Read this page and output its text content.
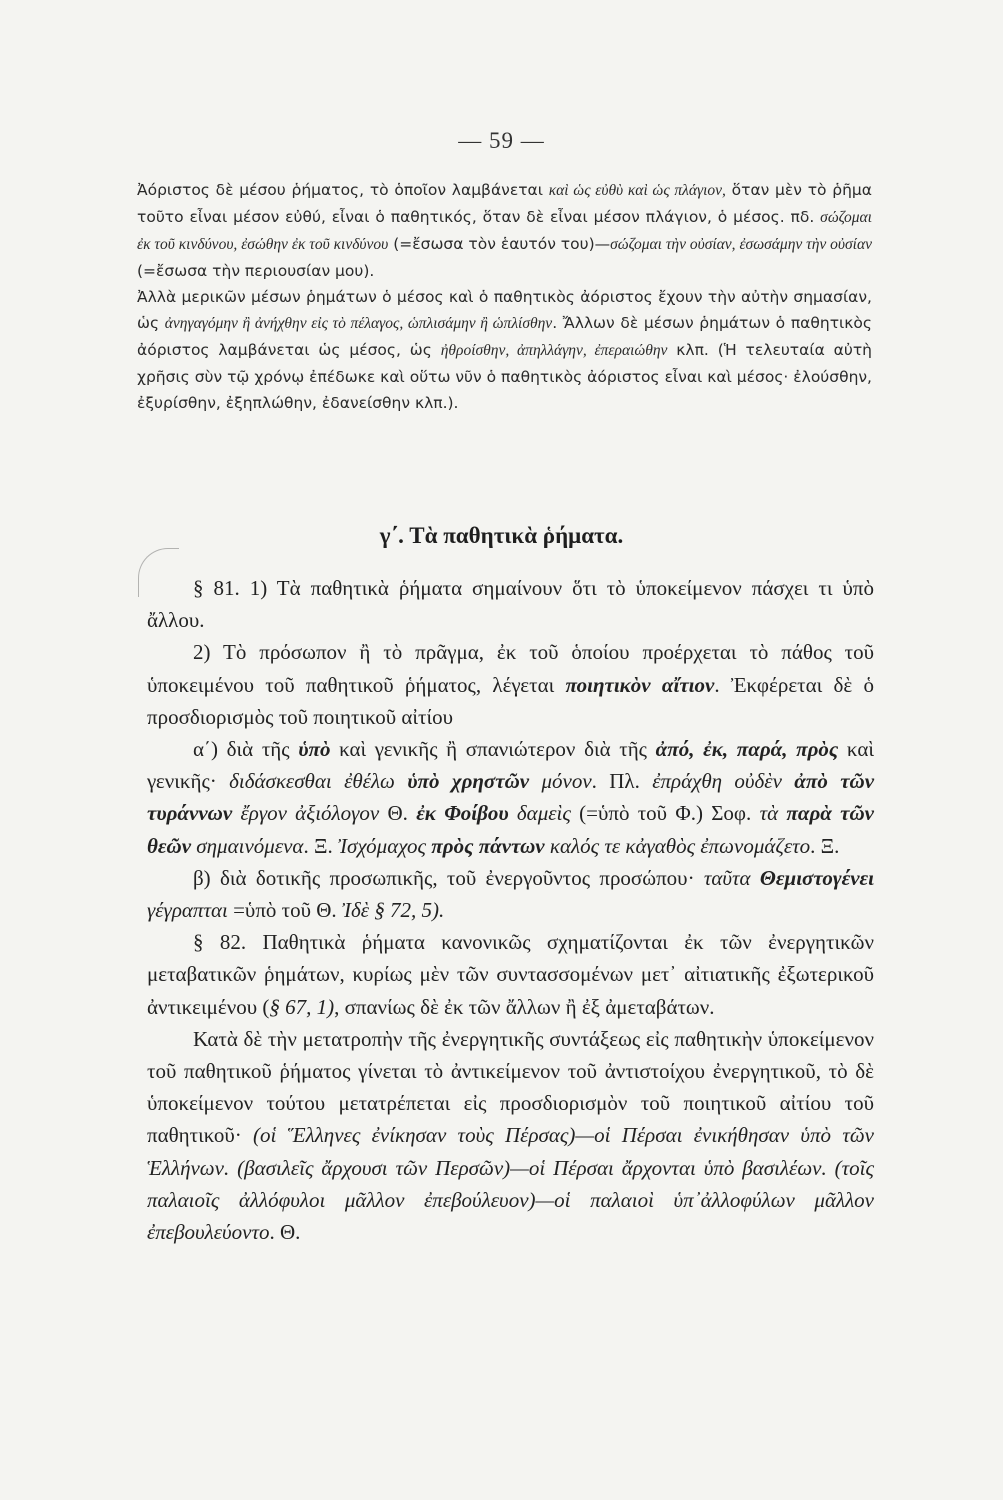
— 59 —

Ἀόριστος δὲ μέσου ῥήματος, τὸ ὁποῖον λαμβάνεται καὶ ὡς εὐθὺ καὶ ὡς πλάγιον, ὅταν μὲν τὸ ῥῆμα τοῦτο εἶναι μέσον εὐθύ, εἶναι ὁ παθητικός, ὅταν δὲ εἶναι μέσον πλάγιον, ὁ μέσος. πδ. σώζομαι ἐκ τοῦ κινδύνου, ἐσώθην ἐκ τοῦ κινδύνου (=ἔσωσα τὸν ἑαυτόν του)—σώζομαι τὴν οὐσίαν, ἐσωσάμην τὴν οὐσίαν (=ἔσωσα τὴν περιουσίαν μου).

Ἀλλὰ μερικῶν μέσων ῥημάτων ὁ μέσος καὶ ὁ παθητικὸς ἀόριστος ἔχουν τὴν αὐτὴν σημασίαν, ὡς ἀνηγαγόμην ἢ ἀνήχθην εἰς τὸ πέλαγος, ὡπλισάμην ἢ ὡπλίσθην. Ἄλλων δὲ μέσων ῥημάτων ὁ παθητικὸς ἀόριστος λαμβάνεται ὡς μέσος, ὡς ἠθροίσθην, ἀπηλλάγην, ἐπεραιώθην κλπ. (Ἡ τελευταία αὐτὴ χρῆσις σὺν τῷ χρόνῳ ἐπέδωκε καὶ οὕτω νῦν ὁ παθητικὸς ἀόριστος εἶναι καὶ μέσος· ἐλούσθην, ἐξυρίσθην, ἐξηπλώθην, ἐδανείσθην κλπ.).

γ΄. Τὰ παθητικὰ ῥήματα.

§ 81. 1) Τὰ παθητικὰ ῥήματα σημαίνουν ὅτι τὸ ὑποκείμενον πάσχει τι ὑπὸ ἄλλου.

2) Τὸ πρόσωπον ἢ τὸ πρᾶγμα, ἐκ τοῦ ὁποίου προέρχεται τὸ πάθος τοῦ ὑποκειμένου τοῦ παθητικοῦ ῥήματος, λέγεται ποιητικὸν αἴτιον. Ἐκφέρεται δὲ ὁ προσδιορισμὸς τοῦ ποιητικοῦ αἰτίου

α΄) διὰ τῆς ὑπὸ καὶ γενικῆς ἢ σπανιώτερον διὰ τῆς ἀπό, ἐκ, παρά, πρὸς καὶ γενικῆς· διδάσκεσθαι ἐθέλω ὑπὸ χρηστῶν μόνον. Πλ. ἐπράχθη οὐδὲν ἀπὸ τῶν τυράννων ἔργον ἀξιόλογον Θ. ἐκ Φοίβου δαμεὶς (=ὑπὸ τοῦ Φ.) Σοφ. τὰ παρὰ τῶν θεῶν σημαινόμενα. Ξ. Ἰσχόμαχος πρὸς πάντων καλός τε κἀγαθὸς ἐπωνομάζετο. Ξ.

β) διὰ δοτικῆς προσωπικῆς, τοῦ ἐνεργοῦντος προσώπου· ταῦτα Θεμιστογένει γέγραπται =ὑπὸ τοῦ Θ. Ἰδὲ § 72, 5).

§ 82. Παθητικὰ ῥήματα κανονικῶς σχηματίζονται ἐκ τῶν ἐνεργητικῶν μεταβατικῶν ῥημάτων, κυρίως μὲν τῶν συντασσομένων μετ᾽ αἰτιατικῆς ἐξωτερικοῦ ἀντικειμένου (§ 67, 1), σπανίως δὲ ἐκ τῶν ἄλλων ἢ ἐξ ἀμεταβάτων.

Κατὰ δὲ τὴν μετατροπὴν τῆς ἐνεργητικῆς συντάξεως εἰς παθητικὴν ὑποκείμενον τοῦ παθητικοῦ ῥήματος γίνεται τὸ ἀντικείμενον τοῦ ἀντιστοίχου ἐνεργητικοῦ, τὸ δὲ ὑποκείμενον τούτου μετατρέπεται εἰς προσδιορισμὸν τοῦ ποιητικοῦ αἰτίου τοῦ παθητικοῦ· (οἱ Ἕλληνες ἐνίκησαν τοὺς Πέρσας)—οἱ Πέρσαι ἐνικήθησαν ὑπὸ τῶν Ἑλλήνων. (βασιλεῖς ἄρχουσι τῶν Περσῶν)—οἱ Πέρσαι ἄρχονται ὑπὸ βασιλέων. (τοῖς παλαιοῖς ἀλλόφυλοι μᾶλλον ἐπεβούλευον)—οἱ παλαιοὶ ὑπ᾽ἀλλοφύλων μᾶλλον ἐπεβουλεύοντο. Θ.
